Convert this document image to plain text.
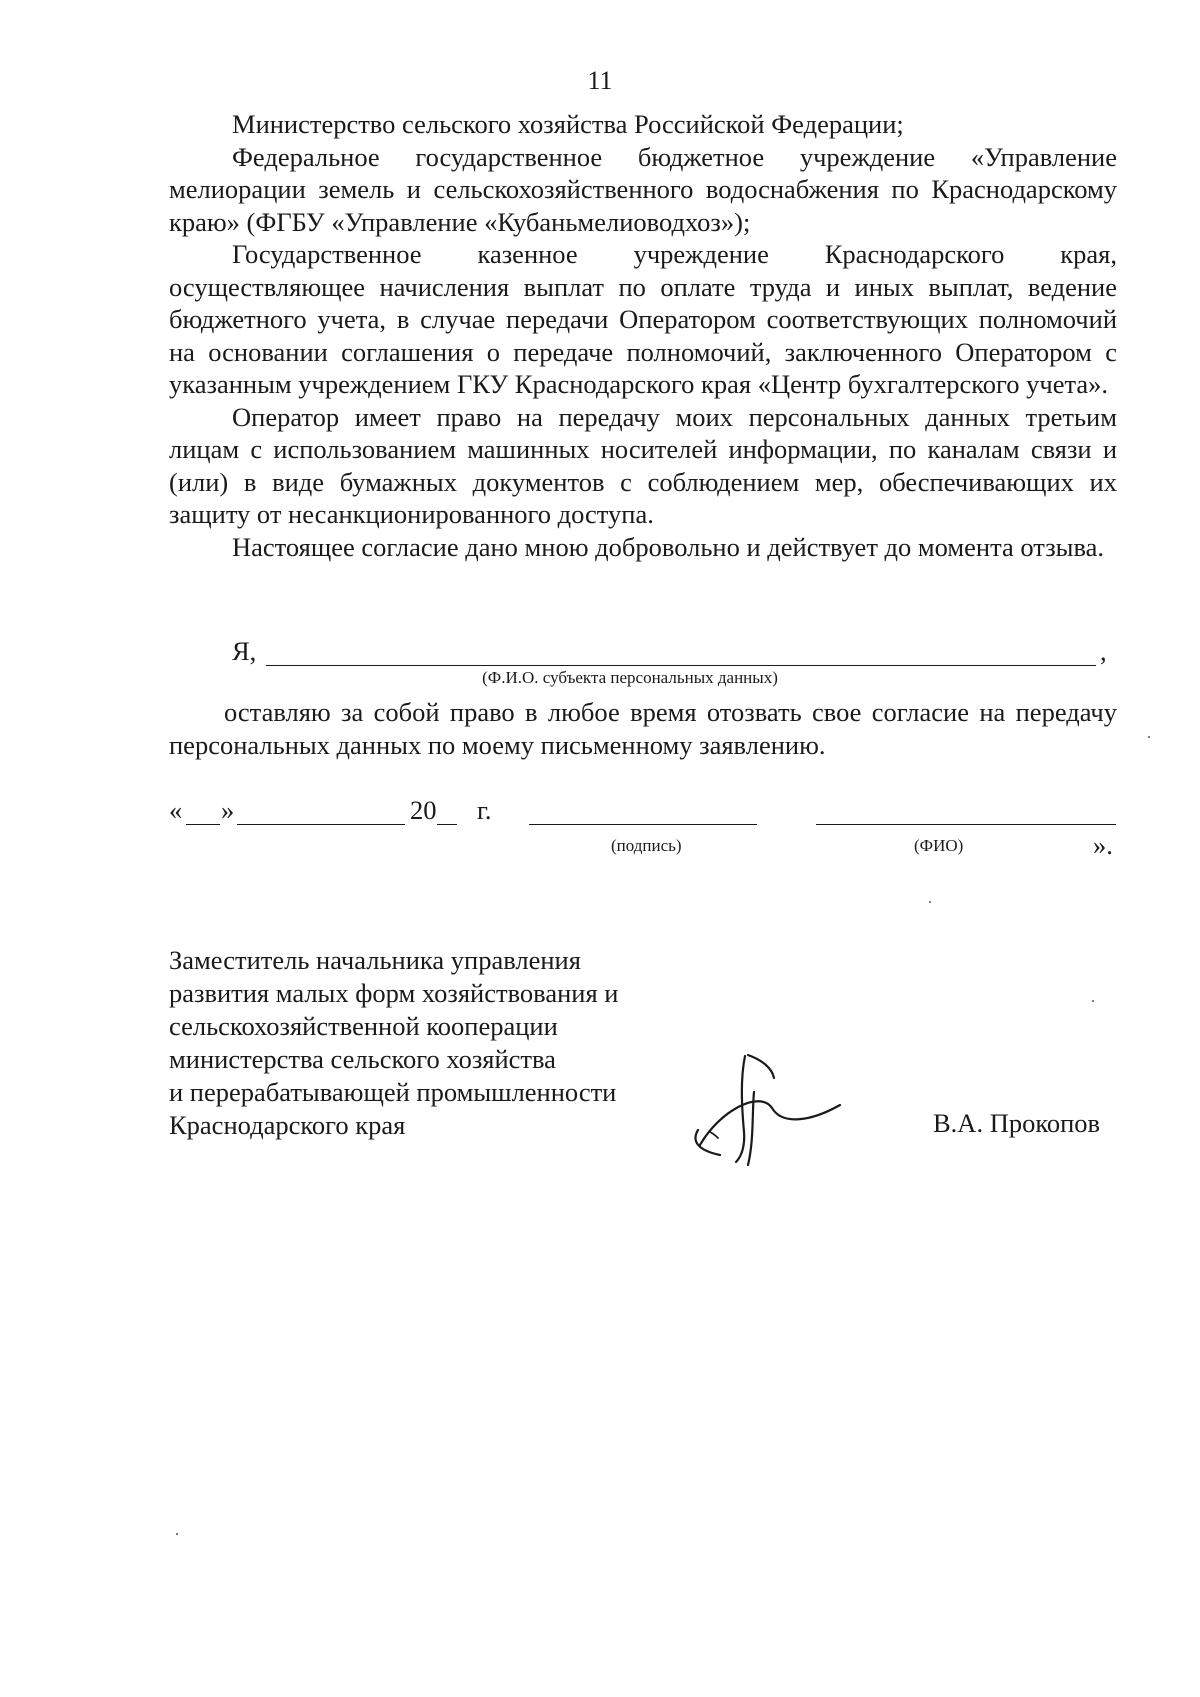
11

Министерство сельского хозяйства Российской Федерации;

Федеральное государственное бюджетное учреждение «Управление мелиорации земель и сельскохозяйственного водоснабжения по Краснодарскому краю» (ФГБУ «Управление «Кубаньмелиоводхоз»);

Государственное казенное учреждение Краснодарского края, осуществляющее начисления выплат по оплате труда и иных выплат, ведение бюджетного учета, в случае передачи Оператором соответствующих полномочий на основании соглашения о передаче полномочий, заключенного Оператором с указанным учреждением ГКУ Краснодарского края «Центр бухгалтерского учета».

Оператор имеет право на передачу моих персональных данных третьим лицам с использованием машинных носителей информации, по каналам связи и (или) в виде бумажных документов с соблюдением мер, обеспечивающих их защиту от несанкционированного доступа.

Настоящее согласие дано мною добровольно и действует до момента отзыва.

Я,	,
(Ф.И.О. субъекта персональных данных)

оставляю за собой право в любое время отозвать свое согласие на передачу персональных данных по моему письменному заявлению.

« »	20 г.
(подпись)	(ФИО)	».
Заместитель начальника управления
развития малых форм хозяйствования и
сельскохозяйственной кооперации
министерства сельского хозяйства
и перерабатывающей промышленности
Краснодарского края	В.А. Прокопов
